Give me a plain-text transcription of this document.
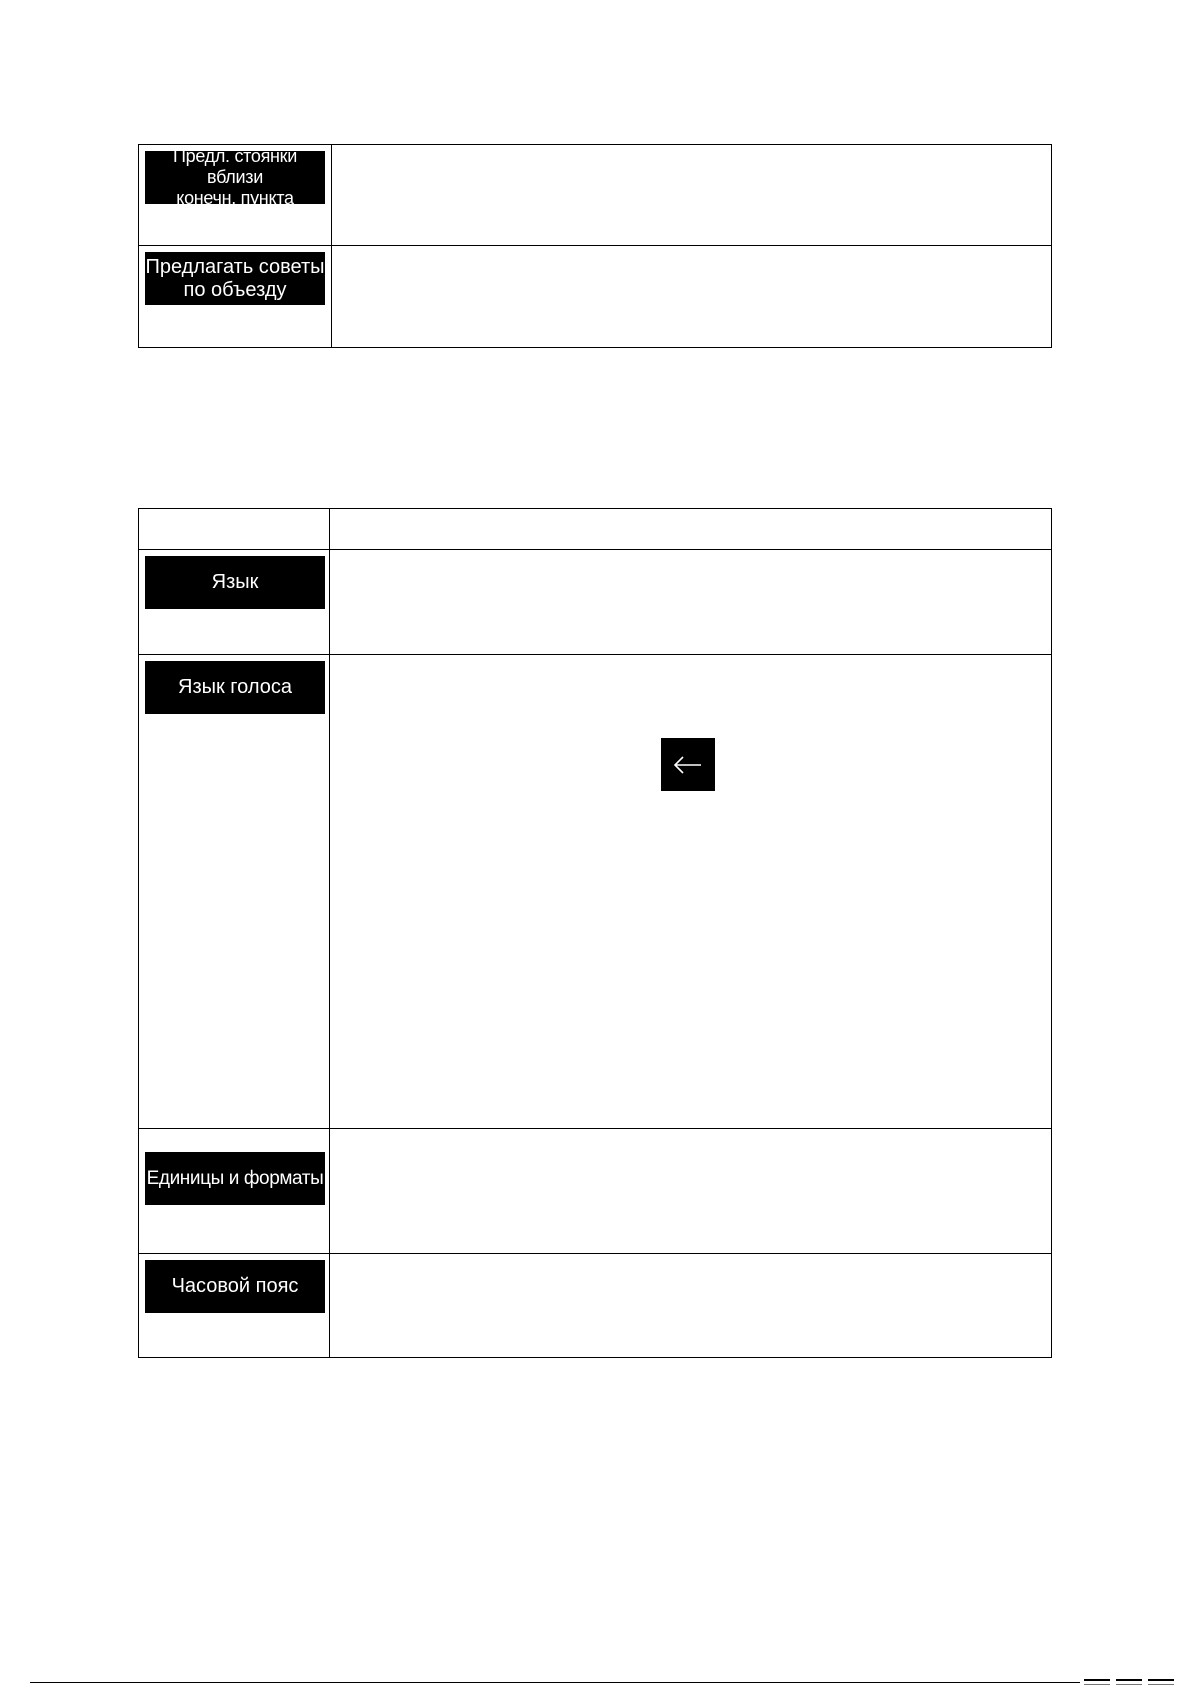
Предл. стоянки вблизи
конечн. пункта	

Предлагать советы
по объезду	

Язык	

Язык голоса	

Единицы и форматы	

Часовой пояс	
